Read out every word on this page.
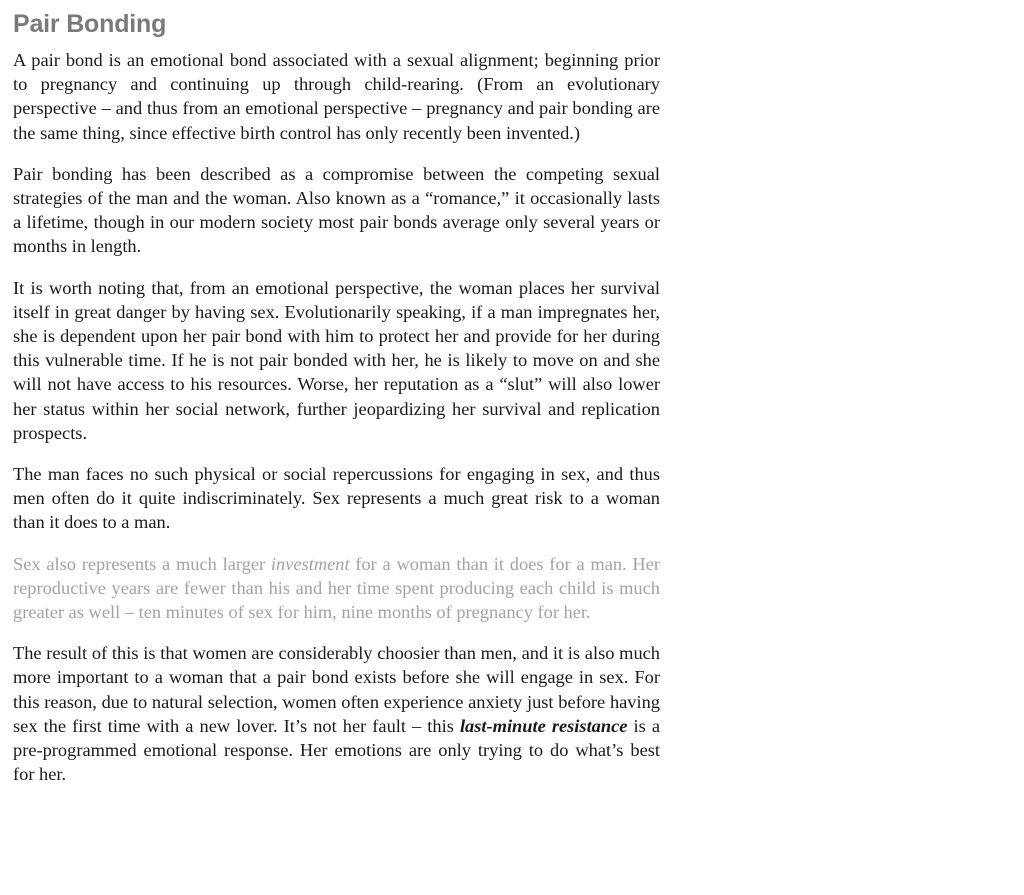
Pair Bonding

A pair bond is an emotional bond associated with a sexual alignment; beginning prior to pregnancy and continuing up through child-rearing. (From an evolutionary perspective – and thus from an emotional perspective – pregnancy and pair bonding are the same thing, since effective birth control has only recently been invented.)

Pair bonding has been described as a compromise between the competing sexual strategies of the man and the woman. Also known as a “romance,” it occasionally lasts a lifetime, though in our modern society most pair bonds average only several years or months in length.

It is worth noting that, from an emotional perspective, the woman places her survival itself in great danger by having sex. Evolutionarily speaking, if a man impregnates her, she is dependent upon her pair bond with him to protect her and provide for her during this vulnerable time. If he is not pair bonded with her, he is likely to move on and she will not have access to his resources. Worse, her reputation as a “slut” will also lower her status within her social network, further jeopardizing her survival and replication prospects.

The man faces no such physical or social repercussions for engaging in sex, and thus men often do it quite indiscriminately. Sex represents a much great risk to a woman than it does to a man.

Sex also represents a much larger investment for a woman than it does for a man. Her reproductive years are fewer than his and her time spent producing each child is much greater as well – ten minutes of sex for him, nine months of pregnancy for her.

The result of this is that women are considerably choosier than men, and it is also much more important to a woman that a pair bond exists before she will engage in sex. For this reason, due to natural selection, women often experience anxiety just before having sex the first time with a new lover. It’s not her fault – this last-minute resistance is a pre-programmed emotional response. Her emotions are only trying to do what’s best for her.
